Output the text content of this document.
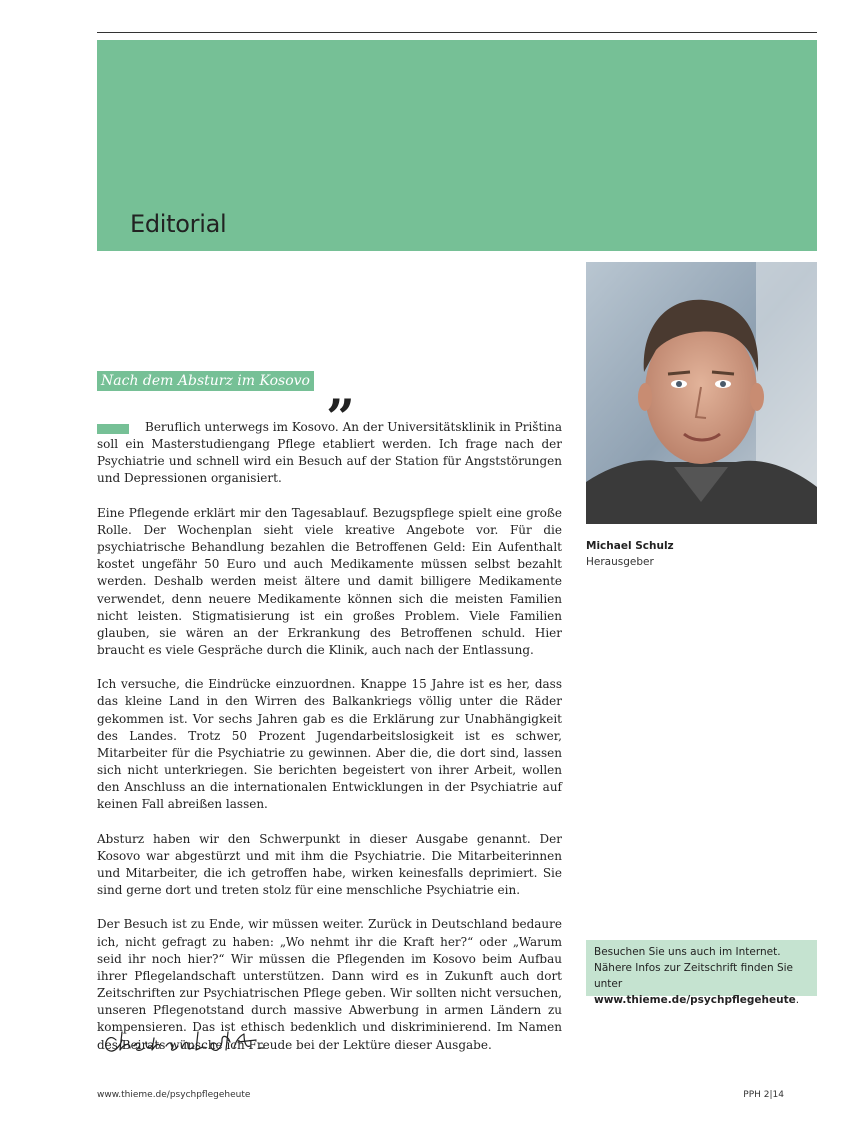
Editorial
Nach dem Absturz im Kosovo „

Beruflich unterwegs im Kosovo. An der Universitätsklinik in Priština soll ein Masterstudiengang Pflege etabliert werden. Ich frage nach der Psychiatrie und schnell wird ein Besuch auf der Station für Angststörungen und Depressionen organisiert.

Eine Pflegende erklärt mir den Tagesablauf. Bezugspflege spielt eine große Rolle. Der Wochenplan sieht viele kreative Angebote vor. Für die psychiatrische Behandlung bezahlen die Betroffenen Geld: Ein Aufenthalt kostet ungefähr 50 Euro und auch Medikamente müssen selbst bezahlt werden. Deshalb werden meist ältere und damit billigere Medikamente verwendet, denn neuere Medikamente können sich die meisten Familien nicht leisten. Stigmatisierung ist ein großes Problem. Viele Familien glauben, sie wären an der Erkrankung des Betroffenen schuld. Hier braucht es viele Gespräche durch die Klinik, auch nach der Entlassung.

Ich versuche, die Eindrücke einzuordnen. Knappe 15 Jahre ist es her, dass das kleine Land in den Wirren des Balkankriegs völlig unter die Räder gekommen ist. Vor sechs Jahren gab es die Erklärung zur Unabhängigkeit des Landes. Trotz 50 Prozent Jugendarbeitslosigkeit ist es schwer, Mitarbeiter für die Psychiatrie zu gewinnen. Aber die, die dort sind, lassen sich nicht unterkriegen. Sie berichten begeistert von ihrer Arbeit, wollen den Anschluss an die internationalen Entwicklungen in der Psychiatrie auf keinen Fall abreißen lassen.

Absturz haben wir den Schwerpunkt in dieser Ausgabe genannt. Der Kosovo war abgestürzt und mit ihm die Psychiatrie. Die Mitarbeiterinnen und Mitarbeiter, die ich getroffen habe, wirken keinesfalls deprimiert. Sie sind gerne dort und treten stolz für eine menschliche Psychiatrie ein.

Der Besuch ist zu Ende, wir müssen weiter. Zurück in Deutschland bedaure ich, nicht gefragt zu haben: „Wo nehmt ihr die Kraft her?“ oder „Warum seid ihr noch hier?“ Wir müssen die Pflegenden im Kosovo beim Aufbau ihrer Pflegelandschaft unterstützen. Dann wird es in Zukunft auch dort Zeitschriften zur Psychiatrischen Pflege geben. Wir sollten nicht versuchen, unseren Pflegenotstand durch massive Abwerbung in armen Ländern zu kompensieren. Das ist ethisch bedenklich und diskriminierend. Im Namen des Beirats wünsche ich Freude bei der Lektüre dieser Ausgabe.

Michael Schulz
Herausgeber
Besuchen Sie uns auch im Internet.
Nähere Infos zur Zeitschrift finden Sie unter
www.thieme.de/psychpflegeheute.
www.thieme.de/psychpflegeheute	PPH 2|14
